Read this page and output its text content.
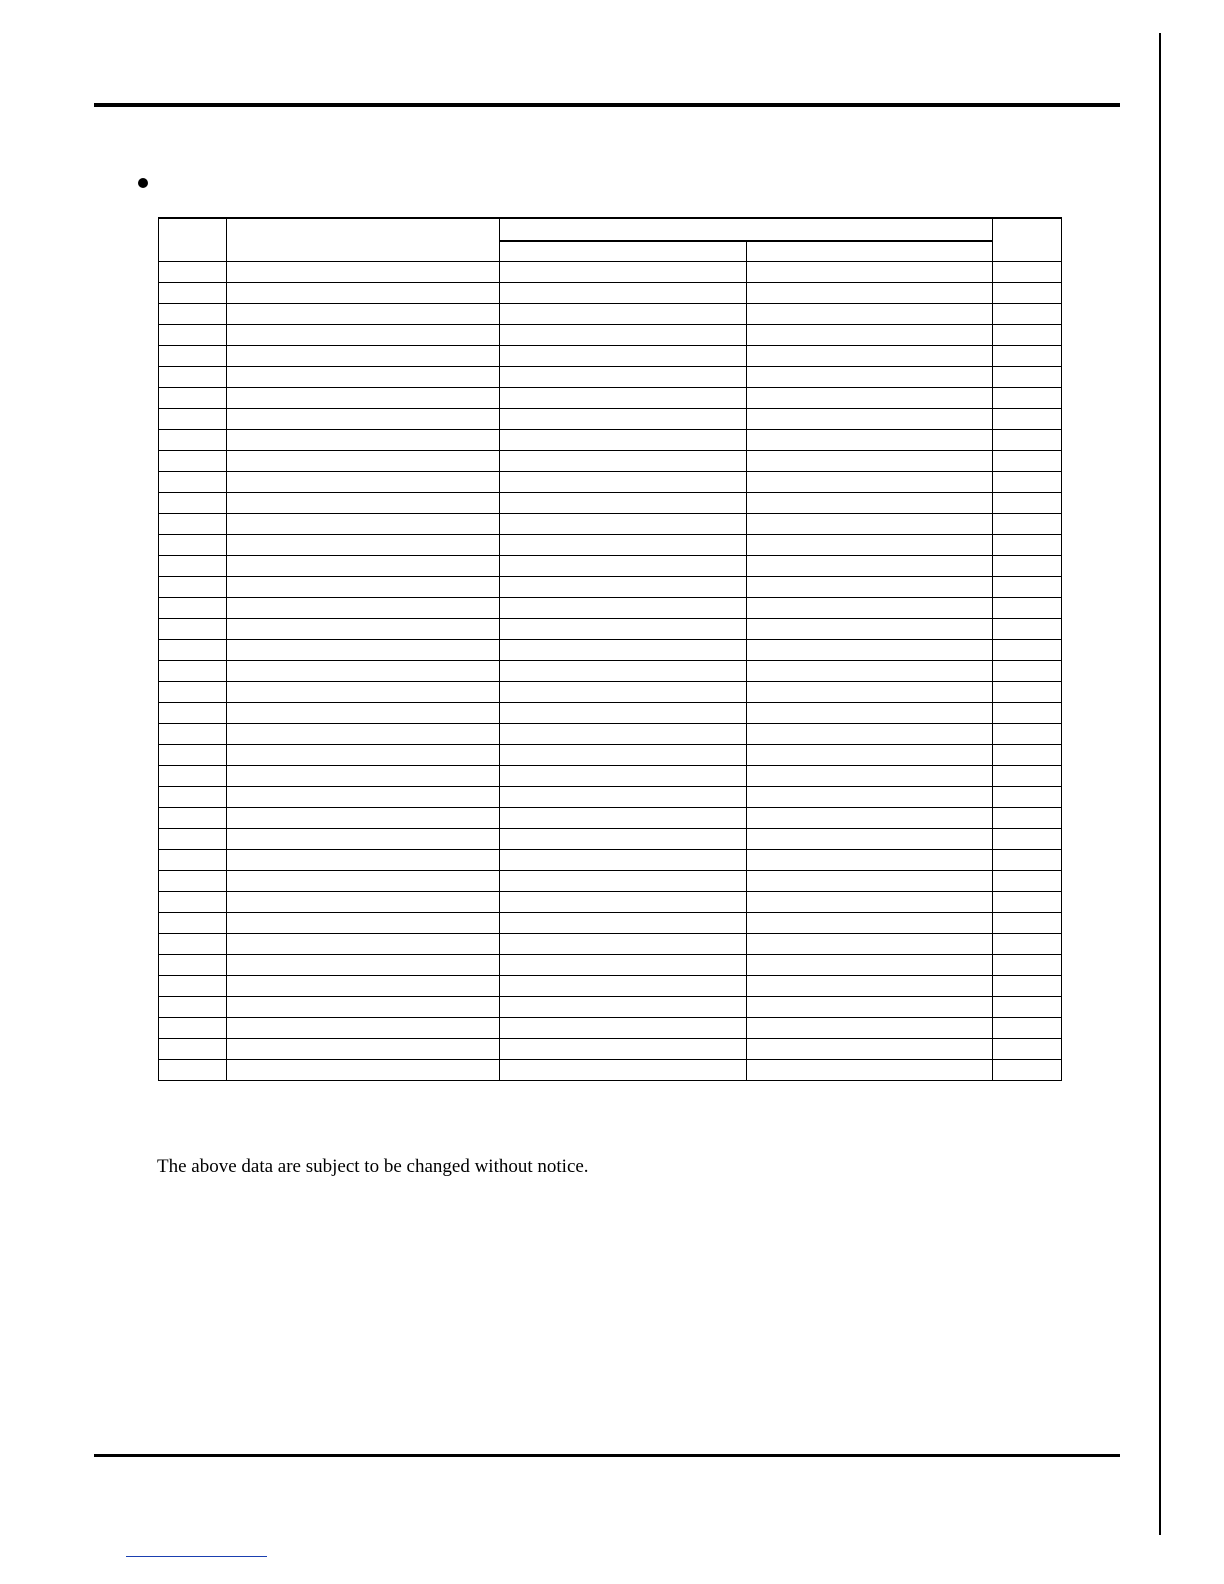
The above data are subject to be changed without notice.
